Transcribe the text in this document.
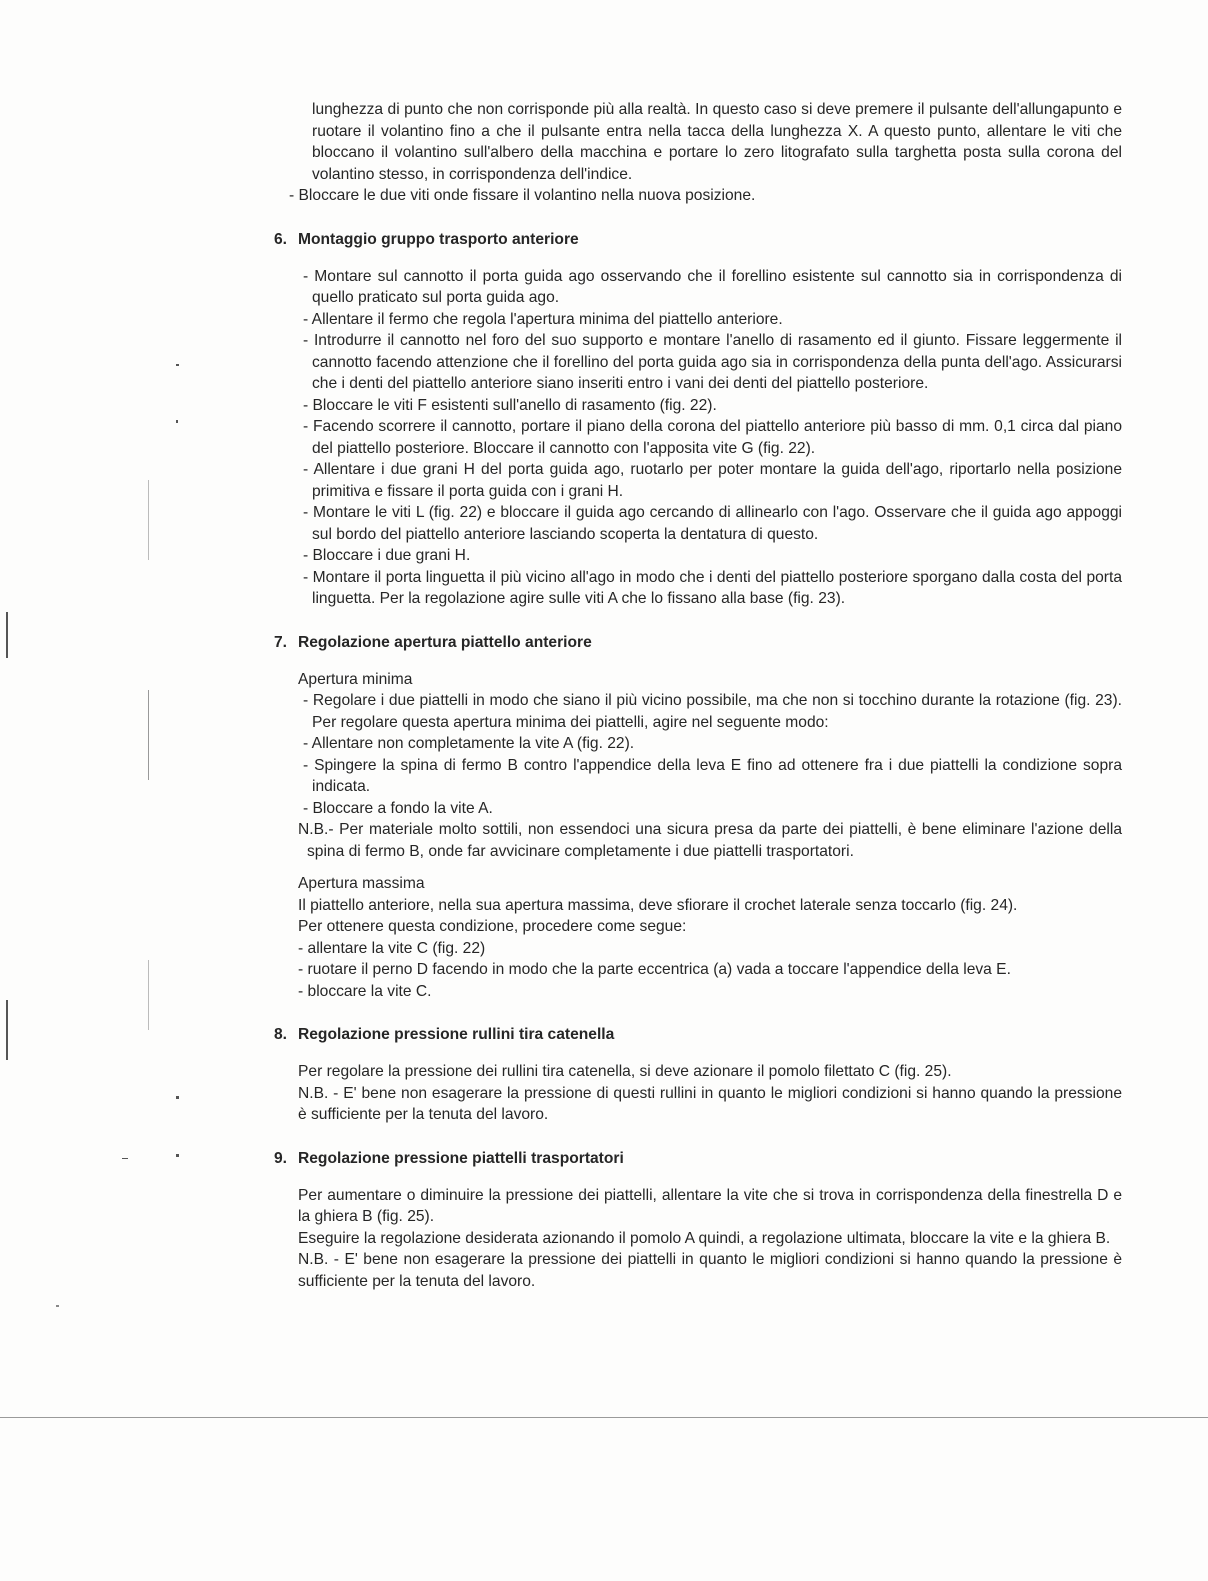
lunghezza di punto che non corrisponde più alla realtà. In questo caso si deve premere il pulsante dell'allungapunto e ruotare il volantino fino a che il pulsante entra nella tacca della lunghezza X. A questo punto, allentare le viti che bloccano il volantino sull'albero della macchina e portare lo zero litografato sulla targhetta posta sulla corona del volantino stesso, in corrispondenza dell'indice.

- Bloccare le due viti onde fissare il volantino nella nuova posizione.

6. Montaggio gruppo trasporto anteriore

- Montare sul cannotto il porta guida ago osservando che il forellino esistente sul cannotto sia in corrispondenza di quello praticato sul porta guida ago.

- Allentare il fermo che regola l'apertura minima del piattello anteriore.

- Introdurre il cannotto nel foro del suo supporto e montare l'anello di rasamento ed il giunto. Fissare leggermente il cannotto facendo attenzione che il forellino del porta guida ago sia in corrispondenza della punta dell'ago. Assicurarsi che i denti del piattello anteriore siano inseriti entro i vani dei denti del piattello posteriore.

- Bloccare le viti F esistenti sull'anello di rasamento (fig. 22).

- Facendo scorrere il cannotto, portare il piano della corona del piattello anteriore più basso di mm. 0,1 circa dal piano del piattello posteriore. Bloccare il cannotto con l'apposita vite G (fig. 22).

- Allentare i due grani H del porta guida ago, ruotarlo per poter montare la guida dell'ago, riportarlo nella posizione primitiva e fissare il porta guida con i grani H.

- Montare le viti L (fig. 22) e bloccare il guida ago cercando di allinearlo con l'ago. Osservare che il guida ago appoggi sul bordo del piattello anteriore lasciando scoperta la dentatura di questo.

- Bloccare i due grani H.

- Montare il porta linguetta il più vicino all'ago in modo che i denti del piattello posteriore sporgano dalla costa del porta linguetta. Per la regolazione agire sulle viti A che lo fissano alla base (fig. 23).

7. Regolazione apertura piattello anteriore

Apertura minima

- Regolare i due piattelli in modo che siano il più vicino possibile, ma che non si tocchino durante la rotazione (fig. 23). Per regolare questa apertura minima dei piattelli, agire nel seguente modo:

- Allentare non completamente la vite A (fig. 22).

- Spingere la spina di fermo B contro l'appendice della leva E fino ad ottenere fra i due piattelli la condizione sopra indicata.

- Bloccare a fondo la vite A.

N.B.- Per materiale molto sottili, non essendoci una sicura presa da parte dei piattelli, è bene eliminare l'azione della spina di fermo B, onde far avvicinare completamente i due piattelli trasportatori.

Apertura massima

Il piattello anteriore, nella sua apertura massima, deve sfiorare il crochet laterale senza toccarlo (fig. 24).

Per ottenere questa condizione, procedere come segue:

- allentare la vite C (fig. 22)

- ruotare il perno D facendo in modo che la parte eccentrica (a) vada a toccare l'appendice della leva E.

- bloccare la vite C.

8. Regolazione pressione rullini tira catenella

Per regolare la pressione dei rullini tira catenella, si deve azionare il pomolo filettato C (fig. 25).

N.B. - E' bene non esagerare la pressione di questi rullini in quanto le migliori condizioni si hanno quando la pressione è sufficiente per la tenuta del lavoro.

9. Regolazione pressione piattelli trasportatori

Per aumentare o diminuire la pressione dei piattelli, allentare la vite che si trova in corrispondenza della finestrella D e la ghiera B (fig. 25).

Eseguire la regolazione desiderata azionando il pomolo A quindi, a regolazione ultimata, bloccare la vite e la ghiera B.

N.B. - E' bene non esagerare la pressione dei piattelli in quanto le migliori condizioni si hanno quando la pressione è sufficiente per la tenuta del lavoro.
